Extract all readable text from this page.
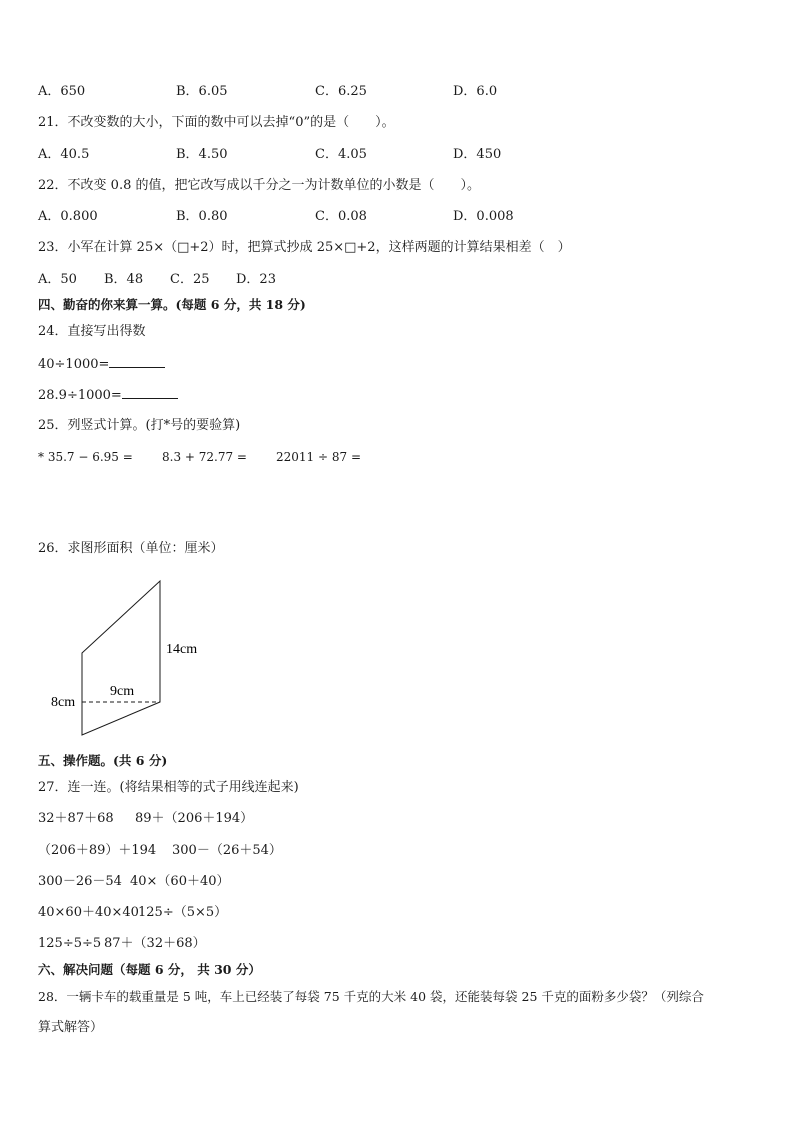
A．650	B．6.05	C．6.25	D．6.0
21．不改变数的大小，下面的数中可以去掉“0”的是（　　）。
A．40.5	B．4.50	C．4.05	D．450
22．不改变 0.8 的值，把它改写成以千分之一为计数单位的小数是（　　）。
A．0.800	B．0.80	C．0.08	D．0.008
23．小军在计算 25×（□+2）时，把算式抄成 25×□+2，这样两题的计算结果相差（　）
A．50 B．48 C．25 D．23
四、勤奋的你来算一算。(每题 6 分，共 18 分)
24．直接写出得数
40÷1000=
28.9÷1000=
25．列竖式计算。(打*号的要验算)
* 35.7 − 6.95 = 8.3 + 72.77 = 22011 ÷ 87 =
26．求图形面积（单位：厘米）
14cm
9cm
8cm
五、操作题。(共 6 分)
27．连一连。(将结果相等的式子用线连起来)
32＋87＋68 89＋（206＋194）
（206＋89）＋194 300－（26＋54）
300－26－54 40×（60＋40）
40×60＋40×40 125÷（5×5）
125÷5÷5 87＋（32＋68）
六、解决问题（每题 6 分， 共 30 分）
28．一辆卡车的载重量是 5 吨，车上已经装了每袋 75 千克的大米 40 袋，还能装每袋 25 千克的面粉多少袋？（列综合
算式解答）
